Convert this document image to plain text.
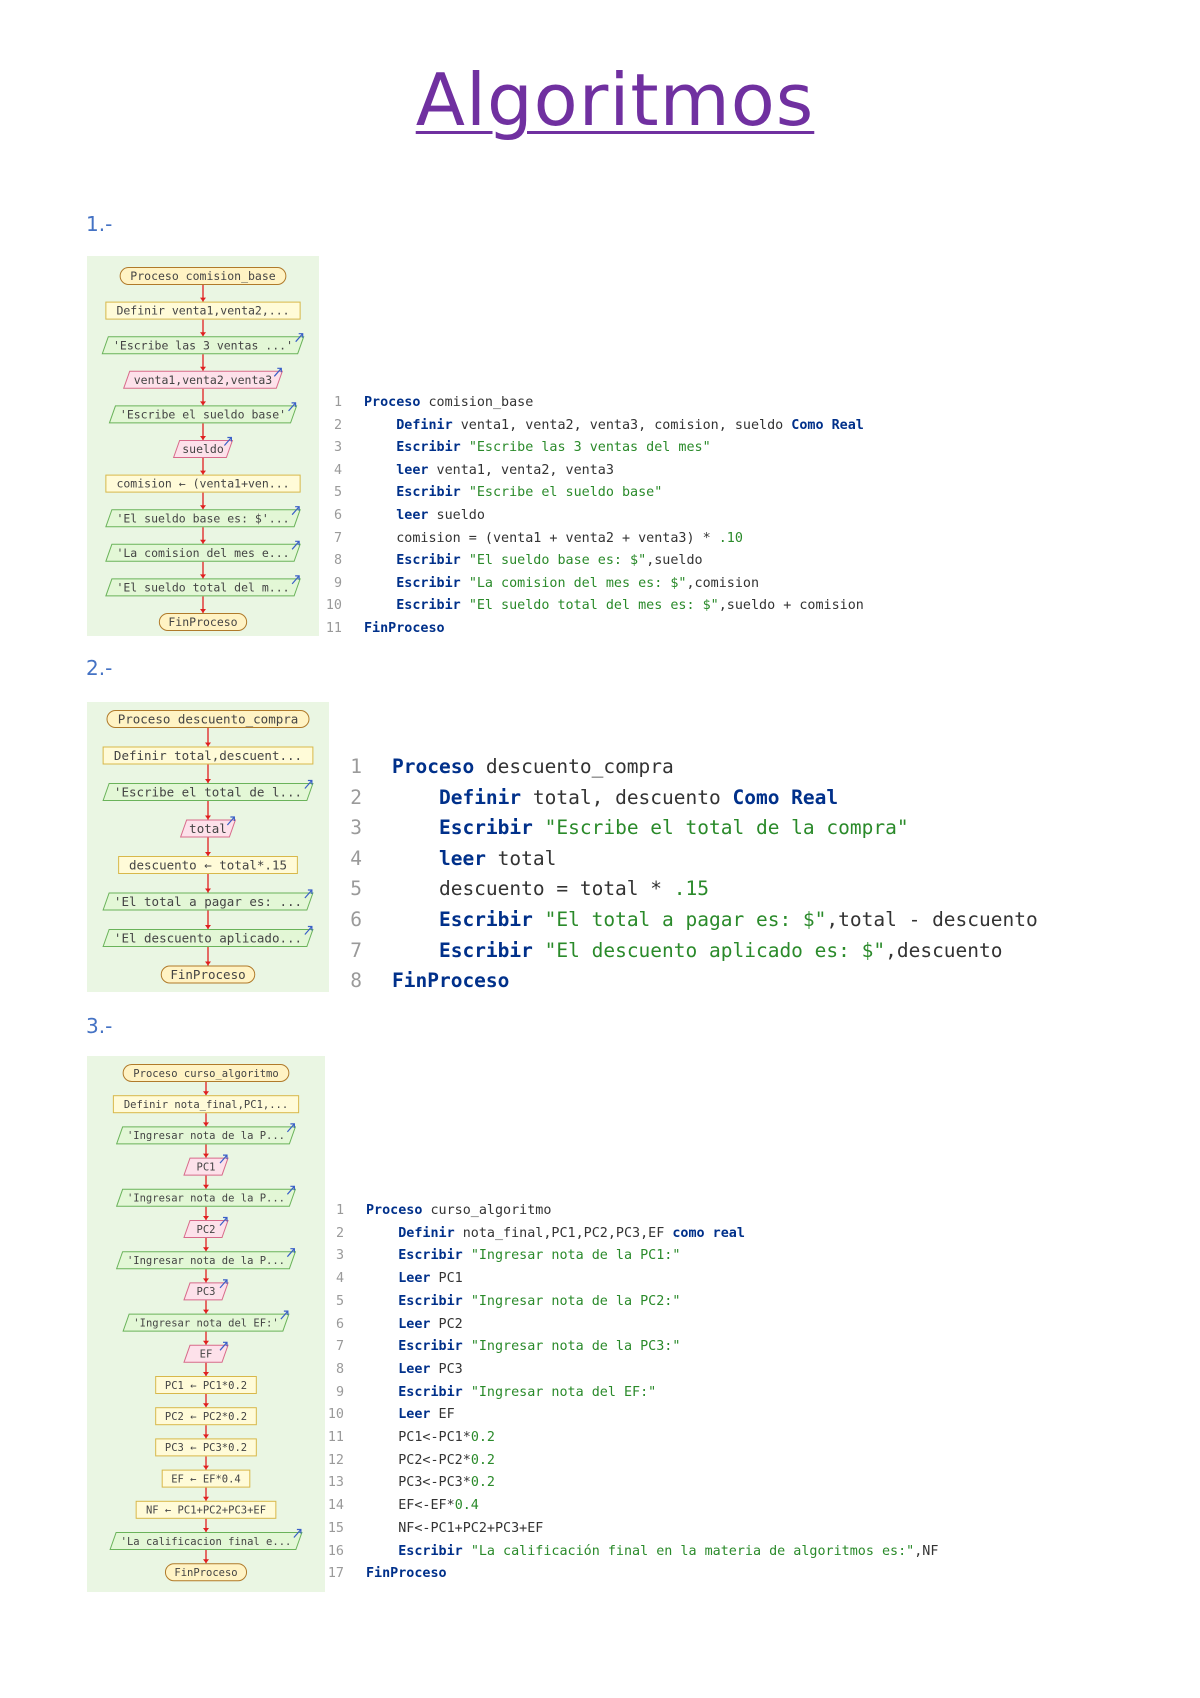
Algoritmos
1.-
Proceso comision_base
Definir venta1,venta2,...
'Escribe las 3 ventas ...'
venta1,venta2,venta3
'Escribe el sueldo base'
sueldo
comision ← (venta1+ven...
'El sueldo base es: $'...
'La comision del mes e...
'El sueldo total del m...
FinProceso
1 Proceso comision_base
2	Definir venta1, venta2, venta3, comision, sueldo Como Real
3	Escribir "Escribe las 3 ventas del mes"
4	leer venta1, venta2, venta3
5	Escribir "Escribe el sueldo base"
6	leer sueldo
7 comision = (venta1 + venta2 + venta3) * .10
8	Escribir "El sueldo base es: $",sueldo
9	Escribir "La comision del mes es: $",comision
10	Escribir "El sueldo total del mes es: $",sueldo + comision
11 FinProceso
2.-
Proceso descuento_compra
Definir total,descuent...
'Escribe el total de l...
total
descuento ← total*.15
'El total a pagar es: ...
'El descuento aplicado...
FinProceso
1 Proceso descuento_compra
2	Definir total, descuento Como Real
3	Escribir "Escribe el total de la compra"
4	leer total
5 descuento = total * .15
6	Escribir "El total a pagar es: $",total - descuento
7	Escribir "El descuento aplicado es: $",descuento
8 FinProceso
3.-
Proceso curso_algoritmo
Definir nota_final,PC1,...
'Ingresar nota de la P...
PC1
'Ingresar nota de la P...
PC2
'Ingresar nota de la P...
PC3
'Ingresar nota del EF:'
EF
PC1 ← PC1*0.2
PC2 ← PC2*0.2
PC3 ← PC3*0.2
EF ← EF*0.4
NF ← PC1+PC2+PC3+EF
'La calificacion final e...
FinProceso
1 Proceso curso_algoritmo
2	Definir nota_final,PC1,PC2,PC3,EF como real
3	Escribir "Ingresar nota de la PC1:"
4	Leer PC1
5	Escribir "Ingresar nota de la PC2:"
6	Leer PC2
7	Escribir "Ingresar nota de la PC3:"
8	Leer PC3
9	Escribir "Ingresar nota del EF:"
10	Leer EF
11 PC1<-PC1*0.2
12 PC2<-PC2*0.2
13 PC3<-PC3*0.2
14 EF<-EF*0.4
15 NF<-PC1+PC2+PC3+EF
16	Escribir "La calificación final en la materia de algoritmos es:",NF
17 FinProceso
